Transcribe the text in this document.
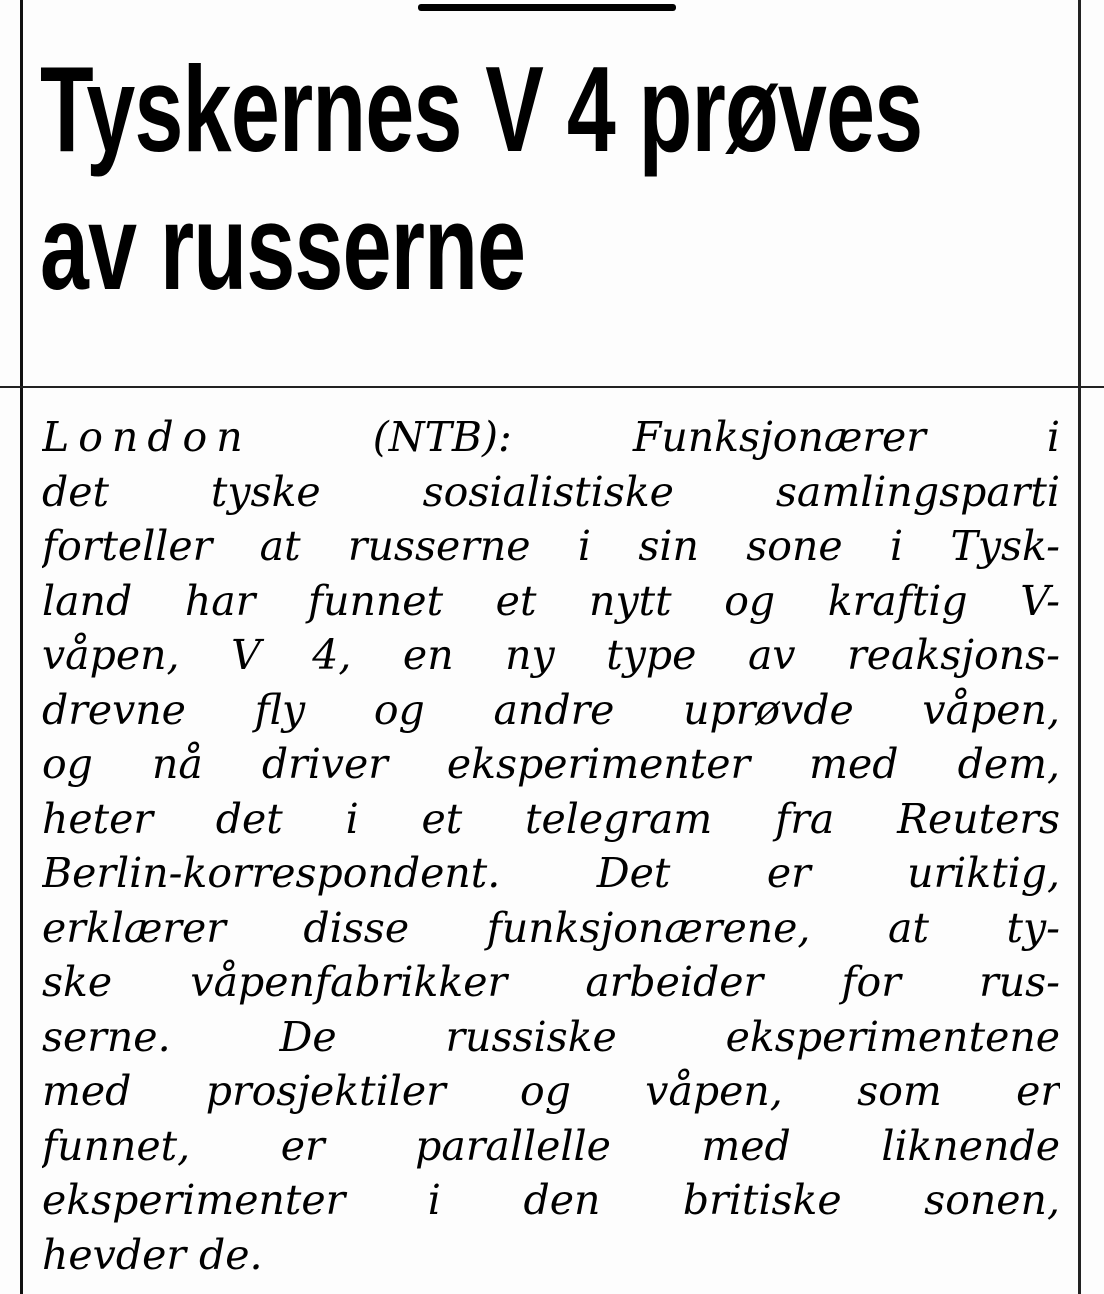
Tyskernes V 4 prøves
av russerne
London	(NTB):	Funksjonærer i
det tyske sosialistiske samlingsparti
forteller at russerne i sin sone i Tysk-
land har funnet et nytt og kraftig V-
våpen, V 4, en ny type av reaksjons-
drevne fly og andre uprøvde våpen,
og nå driver eksperimenter med dem,
heter det i et telegram fra Reuters
Berlin-korrespondent. Det er uriktig,
erklærer disse funksjonærene, at ty-
ske våpenfabrikker arbeider for rus-
serne. De russiske eksperimentene
med prosjektiler og våpen, som er
funnet, er parallelle med liknende
eksperimenter i den britiske sonen,
hevder de.
